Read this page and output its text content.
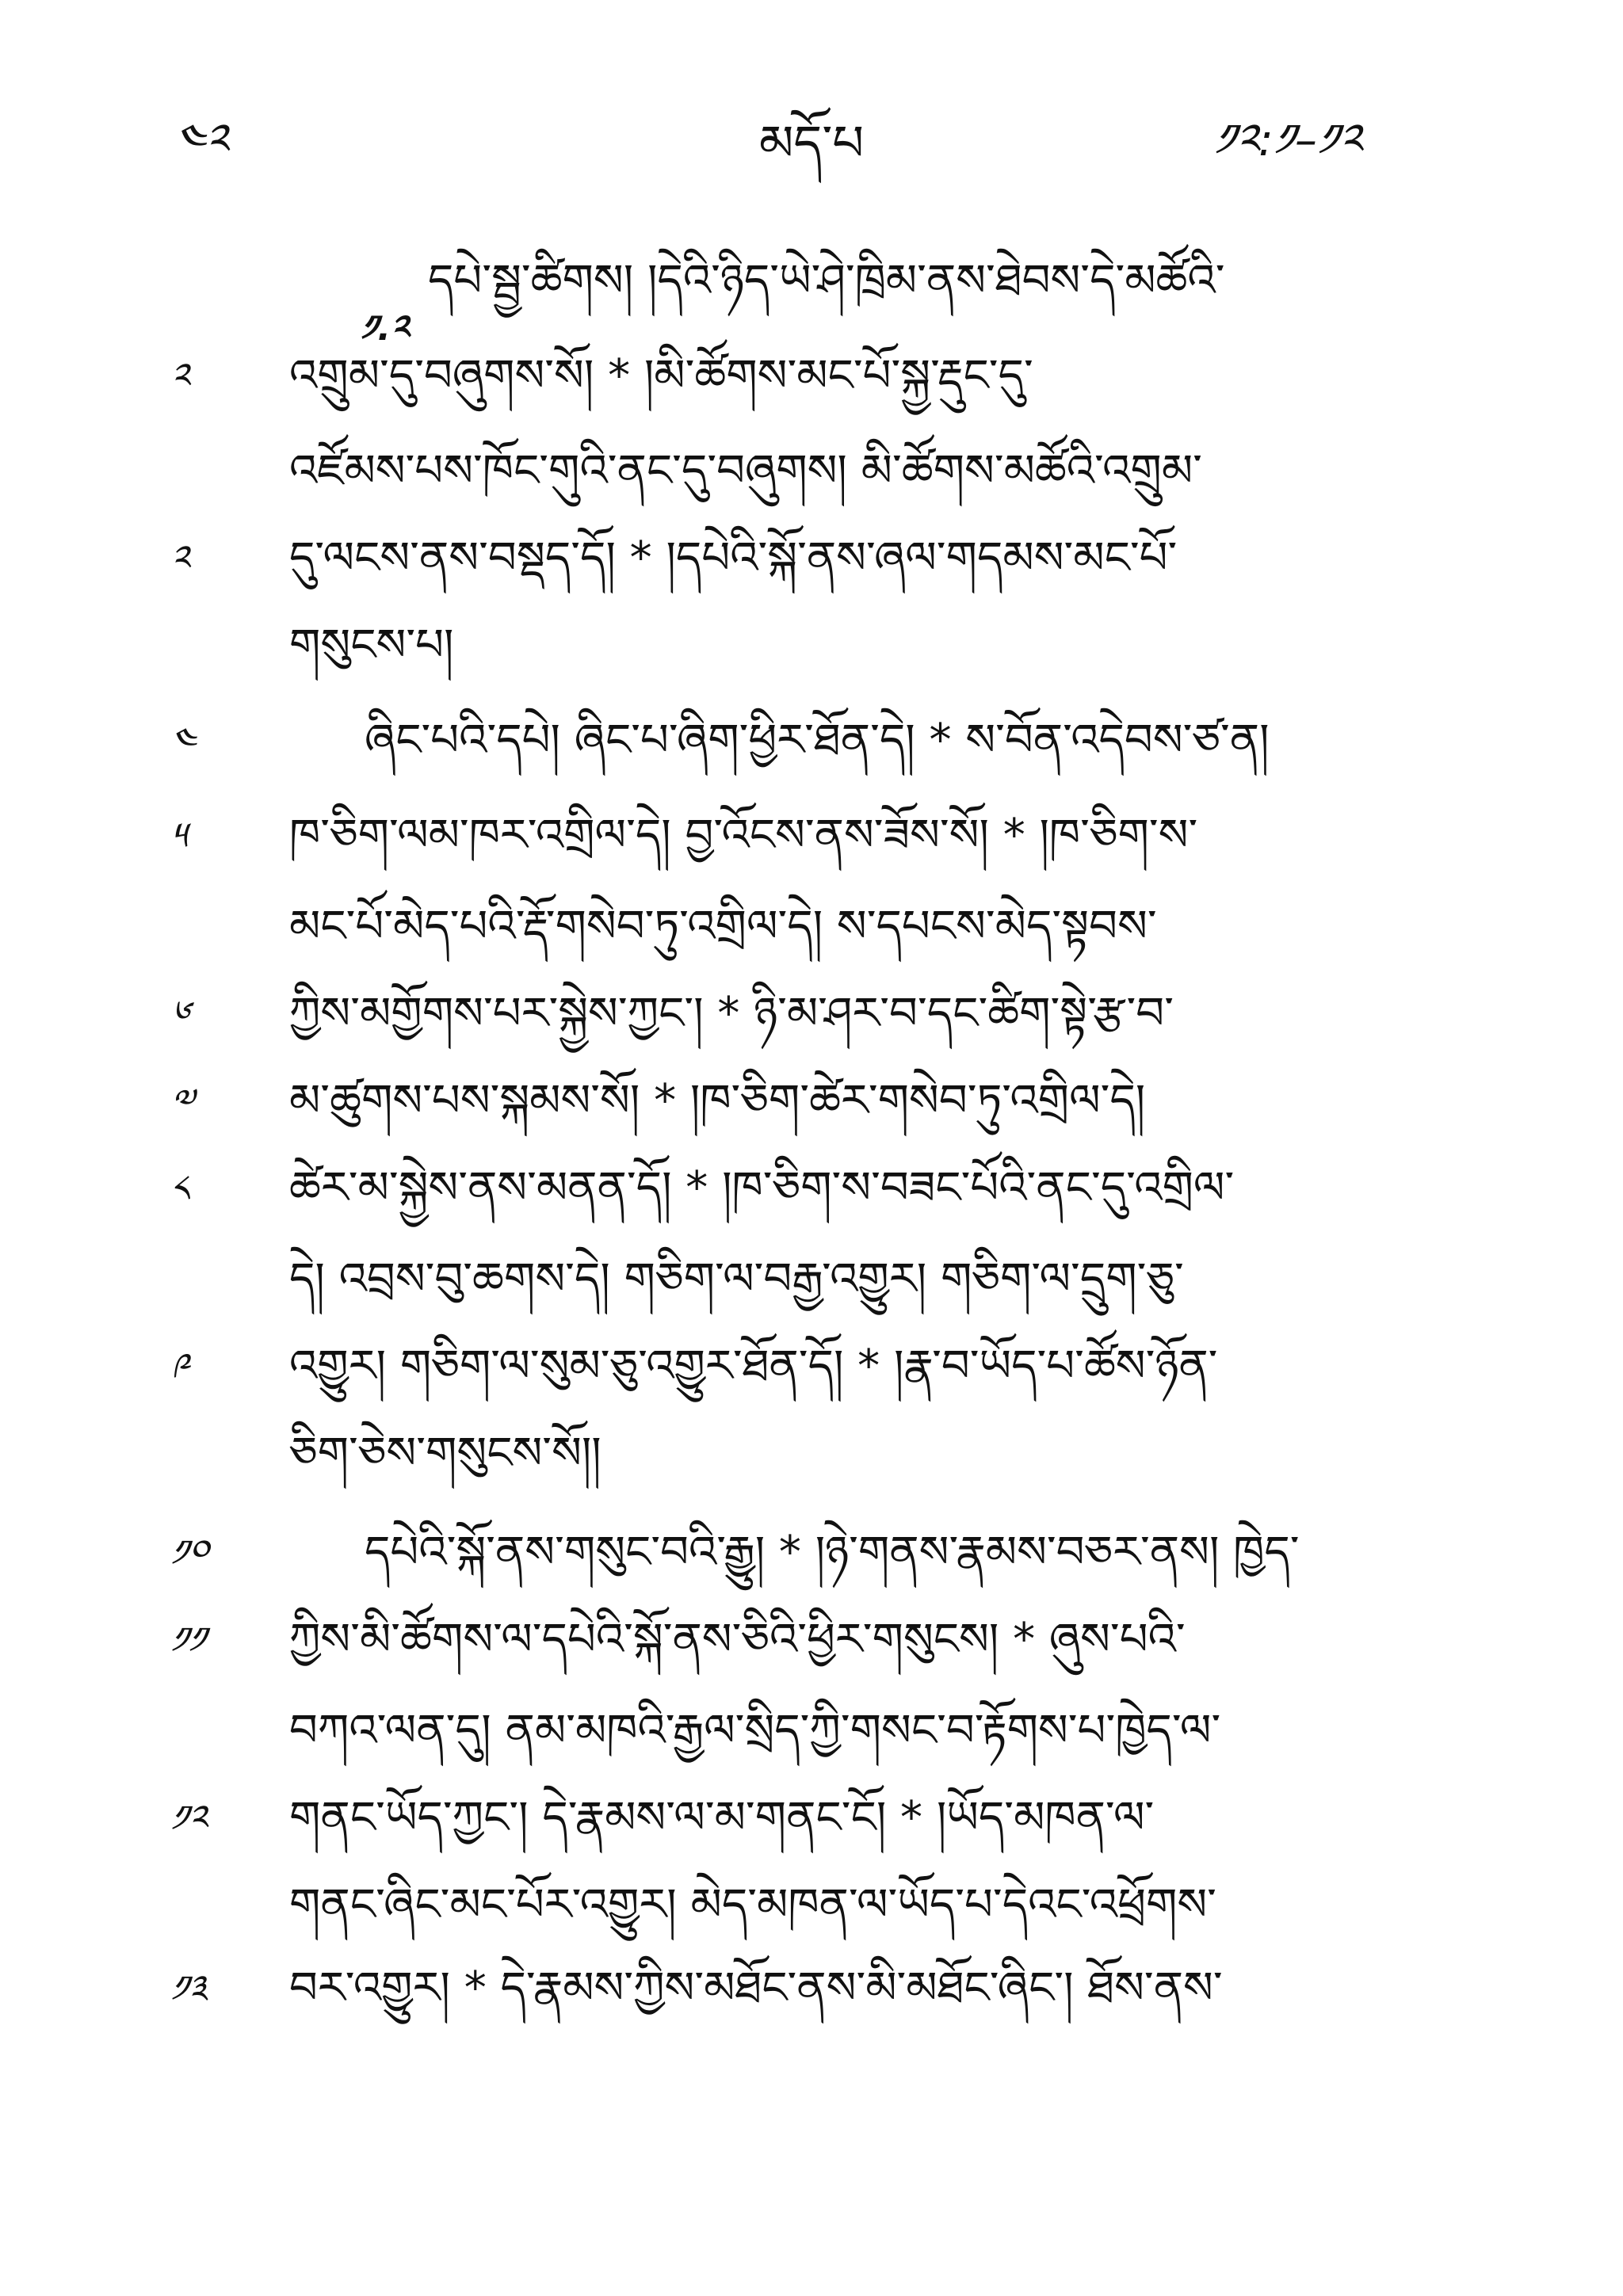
༤༢	མདོ་པ	༡༢:༡–༡༢
༡.༢
དཔེ་སྦྱ་ཚིགས། །དེའི་ཉིད་ཡེ་ཤེ་ཁྲིམ་ནས་ཐེབས་དེ་མཚོའི་
༢	འགྲུམ་དུ་བཞུགས་སོ། * །མི་ཚོགས་མང་པོ་སྐྱ་རྡུང་དུ་
འཛོམས་པས་ཁོང་གུའི་ནང་དུ་བཞུགས། མི་ཚོགས་མཚོའི་འགྲུམ་
༢	དུ་ལངས་ནས་བསྡད་དོ། * །དཔེའི་སྐོ་ནས་ཞལ་གདམས་མང་པོ་
གསུངས་པ།
༤	ཞིང་པའི་དཔེ། ཞིང་པ་ཞིག་ཕྱིར་ཐོན་དེ། * ས་བོན་འདེབས་ཙ་ན།
༥	ཁ་ཅིག་ལམ་ཁར་འགྲིལ་དེ། བྱ་འོངས་ནས་ཟོས་སོ། * །ཁ་ཅིག་ས་
མང་པོ་མེད་པའི་རྡོ་གསེབ་ཏུ་འགྲིལ་དེ། ས་དཔངས་མེད་སྟབས་
༦	ཀྱིས་མགྱོགས་པར་སྐྱེས་ཀྱང་། * ཉི་མ་ཤར་བ་དང་ཚིག་སྟེ་རྩ་བ་
༧	མ་ཚུགས་པས་སྐམས་སོ། * །ཁ་ཅིག་ཚེར་གསེབ་ཏུ་འགྲིལ་དེ།
༨	ཚེར་མ་སྐྱེས་ནས་མནན་དོ། * །ཁ་ཅིག་ས་བཟང་པོའི་ནང་དུ་འགྲིལ་
དེ། འབྲས་བུ་ཆགས་དེ། གཅིག་ལ་བརྒྱ་འགྱུར། གཅིག་ལ་དྲུག་ཅུ་
༩	འགྱུར། གཅིག་ལ་སུམ་ཅུ་འགྱུར་ཐོན་དོ། * །རྣ་བ་ཡོད་པ་ཚོས་ཉོན་
ཅིག་ཅེས་གསུངས་སོ།།
༡༠	དཔེའི་སྐོ་ནས་གསུང་བའི་རྒྱུ། * །ཉེ་གནས་རྣམས་བཅར་ནས། ཁྱེད་
༡༡	ཀྱིས་མི་ཚོགས་ལ་དཔེའི་སྐོ་ནས་ཅིའི་ཕྱིར་གསུངས། * ཞུས་པའི་
བཀའ་ལན་དུ། ནམ་མཁའི་རྒྱལ་སྲིད་ཀྱི་གསང་བ་རྟོགས་པ་ཁྱེད་ལ་
༡༢	གནང་ཡོད་ཀྱང་། དེ་རྣམས་ལ་མ་གནང་ངོ། * །ཡོད་མཁན་ལ་
གནང་ཞིང་མང་པོར་འགྱུར། མེད་མཁན་ལ་ཡོད་པ་དེའང་འཕྲོགས་
༡༣	བར་འགྱུར། * དེ་རྣམས་ཀྱིས་མཐོང་ནས་མི་མཐོང་ཞིང་། ཐོས་ནས་
